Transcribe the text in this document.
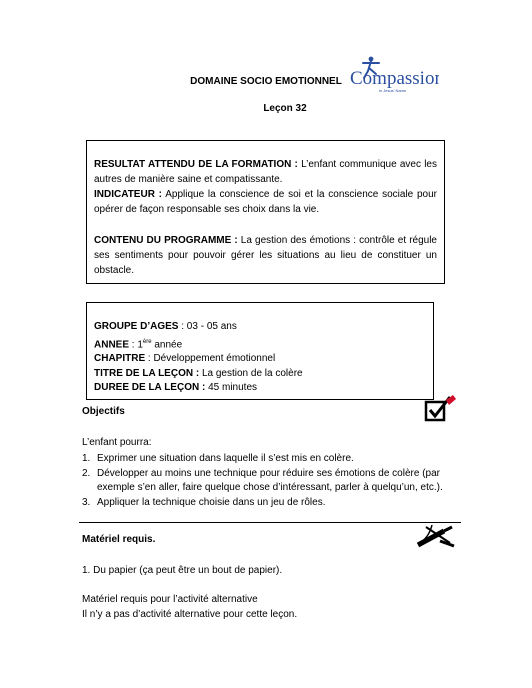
DOMAINE SOCIO EMOTIONNEL
Leçon 32
Compassion
in Jesus' Name

RESULTAT ATTENDU DE LA FORMATION : L’enfant communique avec les autres de manière saine et compatissante.

INDICATEUR : Applique la conscience de soi et la conscience sociale pour opérer de façon responsable ses choix dans la vie.

CONTENU DU PROGRAMME : La gestion des émotions : contrôle et régule ses sentiments pour pouvoir gérer les situations au lieu de constituer un obstacle.

GROUPE D’AGES : 03 - 05 ans
ANNEE : 1ère année
CHAPITRE : Développement émotionnel
TITRE DE LA LEÇON : La gestion de la colère
DUREE DE LA LEÇON : 45 minutes
Objectifs
L’enfant pourra:
1. Exprimer une situation dans laquelle il s’est mis en colère.
2. Développer au moins une technique pour réduire ses émotions de colère (par exemple s’en aller, faire quelque chose d’intéressant, parler à quelqu’un, etc.).
3. Appliquer la technique choisie dans un jeu de rôles.
Matériel requis.
1. Du papier (ça peut être un bout de papier).
Matériel requis pour l’activité alternative
Il n’y a pas d’activité alternative pour cette leçon.
